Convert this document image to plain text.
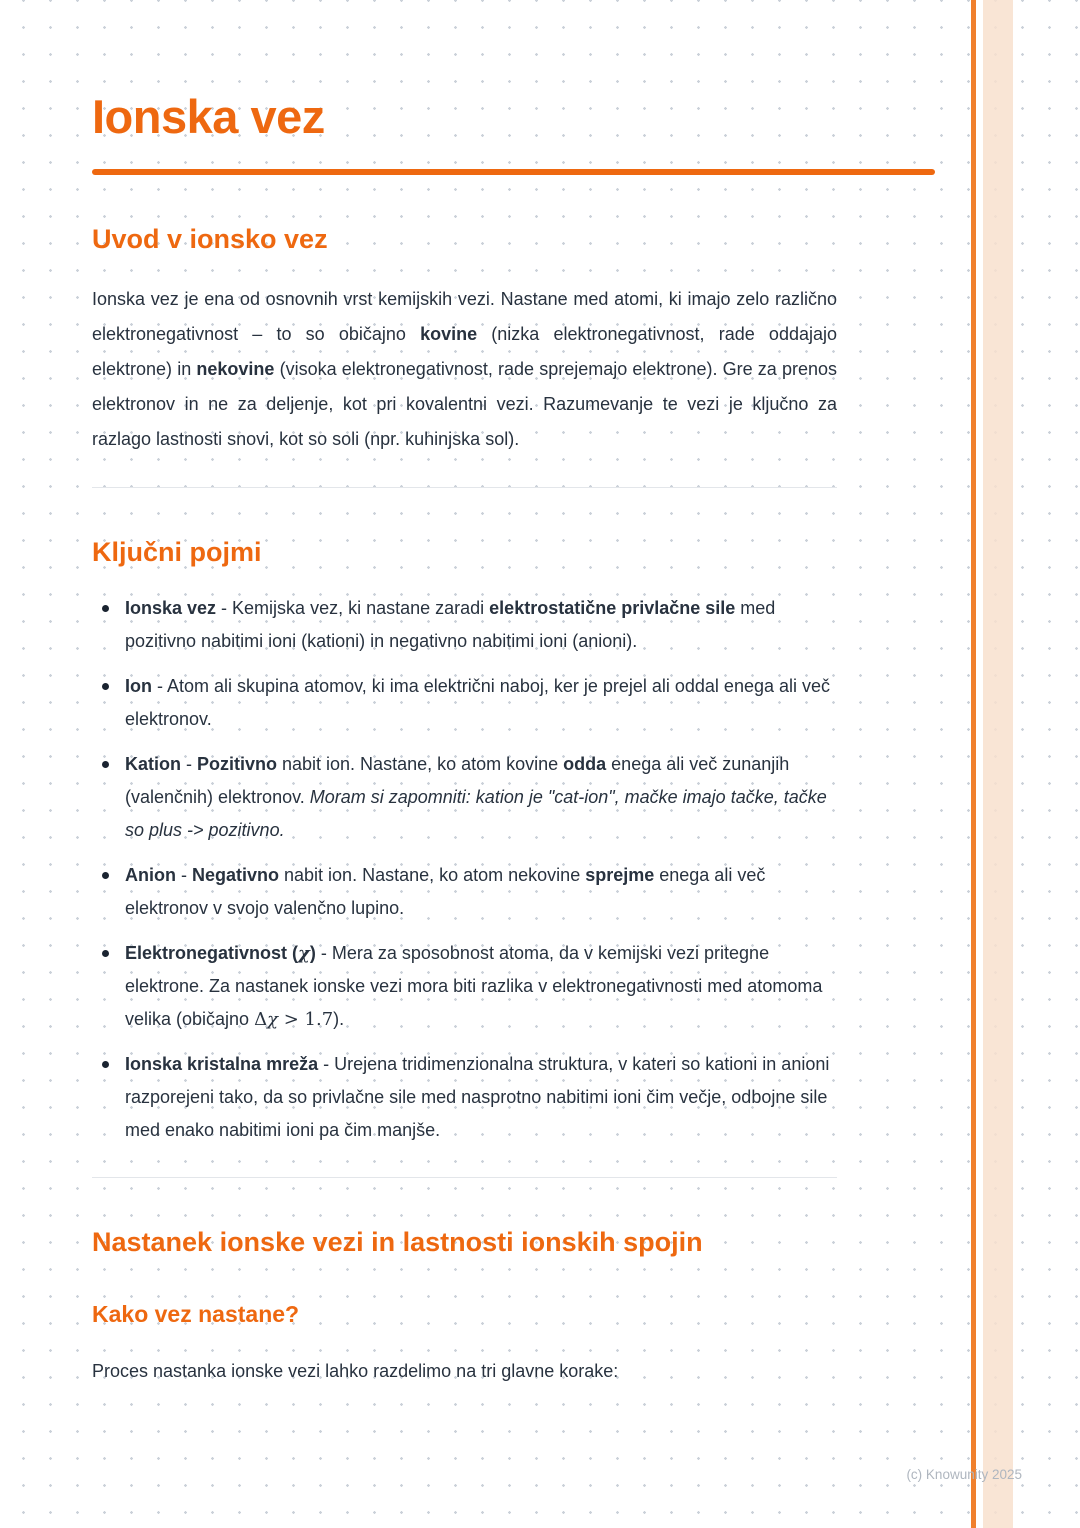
Ionska vez
Uvod v ionsko vez

Ionska vez je ena od osnovnih vrst kemijskih vezi. Nastane med atomi, ki imajo zelo različno elektronegativnost – to so običajno kovine (nizka elektronegativnost, rade oddajajo elektrone) in nekovine (visoka elektronegativnost, rade sprejemajo elektrone). Gre za prenos elektronov in ne za deljenje, kot pri kovalentni vezi. Razumevanje te vezi je ključno za razlago lastnosti snovi, kot so soli (npr. kuhinjska sol).

Ključni pojmi
Ionska vez - Kemijska vez, ki nastane zaradi elektrostatične privlačne sile med pozitivno nabitimi ioni (kationi) in negativno nabitimi ioni (anioni).
Ion - Atom ali skupina atomov, ki ima električni naboj, ker je prejel ali oddal enega ali več elektronov.
Kation - Pozitivno nabit ion. Nastane, ko atom kovine odda enega ali več zunanjih (valenčnih) elektronov. Moram si zapomniti: kation je "cat-ion", mačke imajo tačke, tačke so plus -> pozitivno.
Anion - Negativno nabit ion. Nastane, ko atom nekovine sprejme enega ali več elektronov v svojo valenčno lupino.
Elektronegativnost (χ) - Mera za sposobnost atoma, da v kemijski vezi pritegne elektrone. Za nastanek ionske vezi mora biti razlika v elektronegativnosti med atomoma velika (običajno Δχ > 1.7).
Ionska kristalna mreža - Urejena tridimenzionalna struktura, v kateri so kationi in anioni razporejeni tako, da so privlačne sile med nasprotno nabitimi ioni čim večje, odbojne sile med enako nabitimi ioni pa čim manjše.
Nastanek ionske vezi in lastnosti ionskih spojin
Kako vez nastane?

Proces nastanka ionske vezi lahko razdelimo na tri glavne korake:

(c) Knowunity 2025
